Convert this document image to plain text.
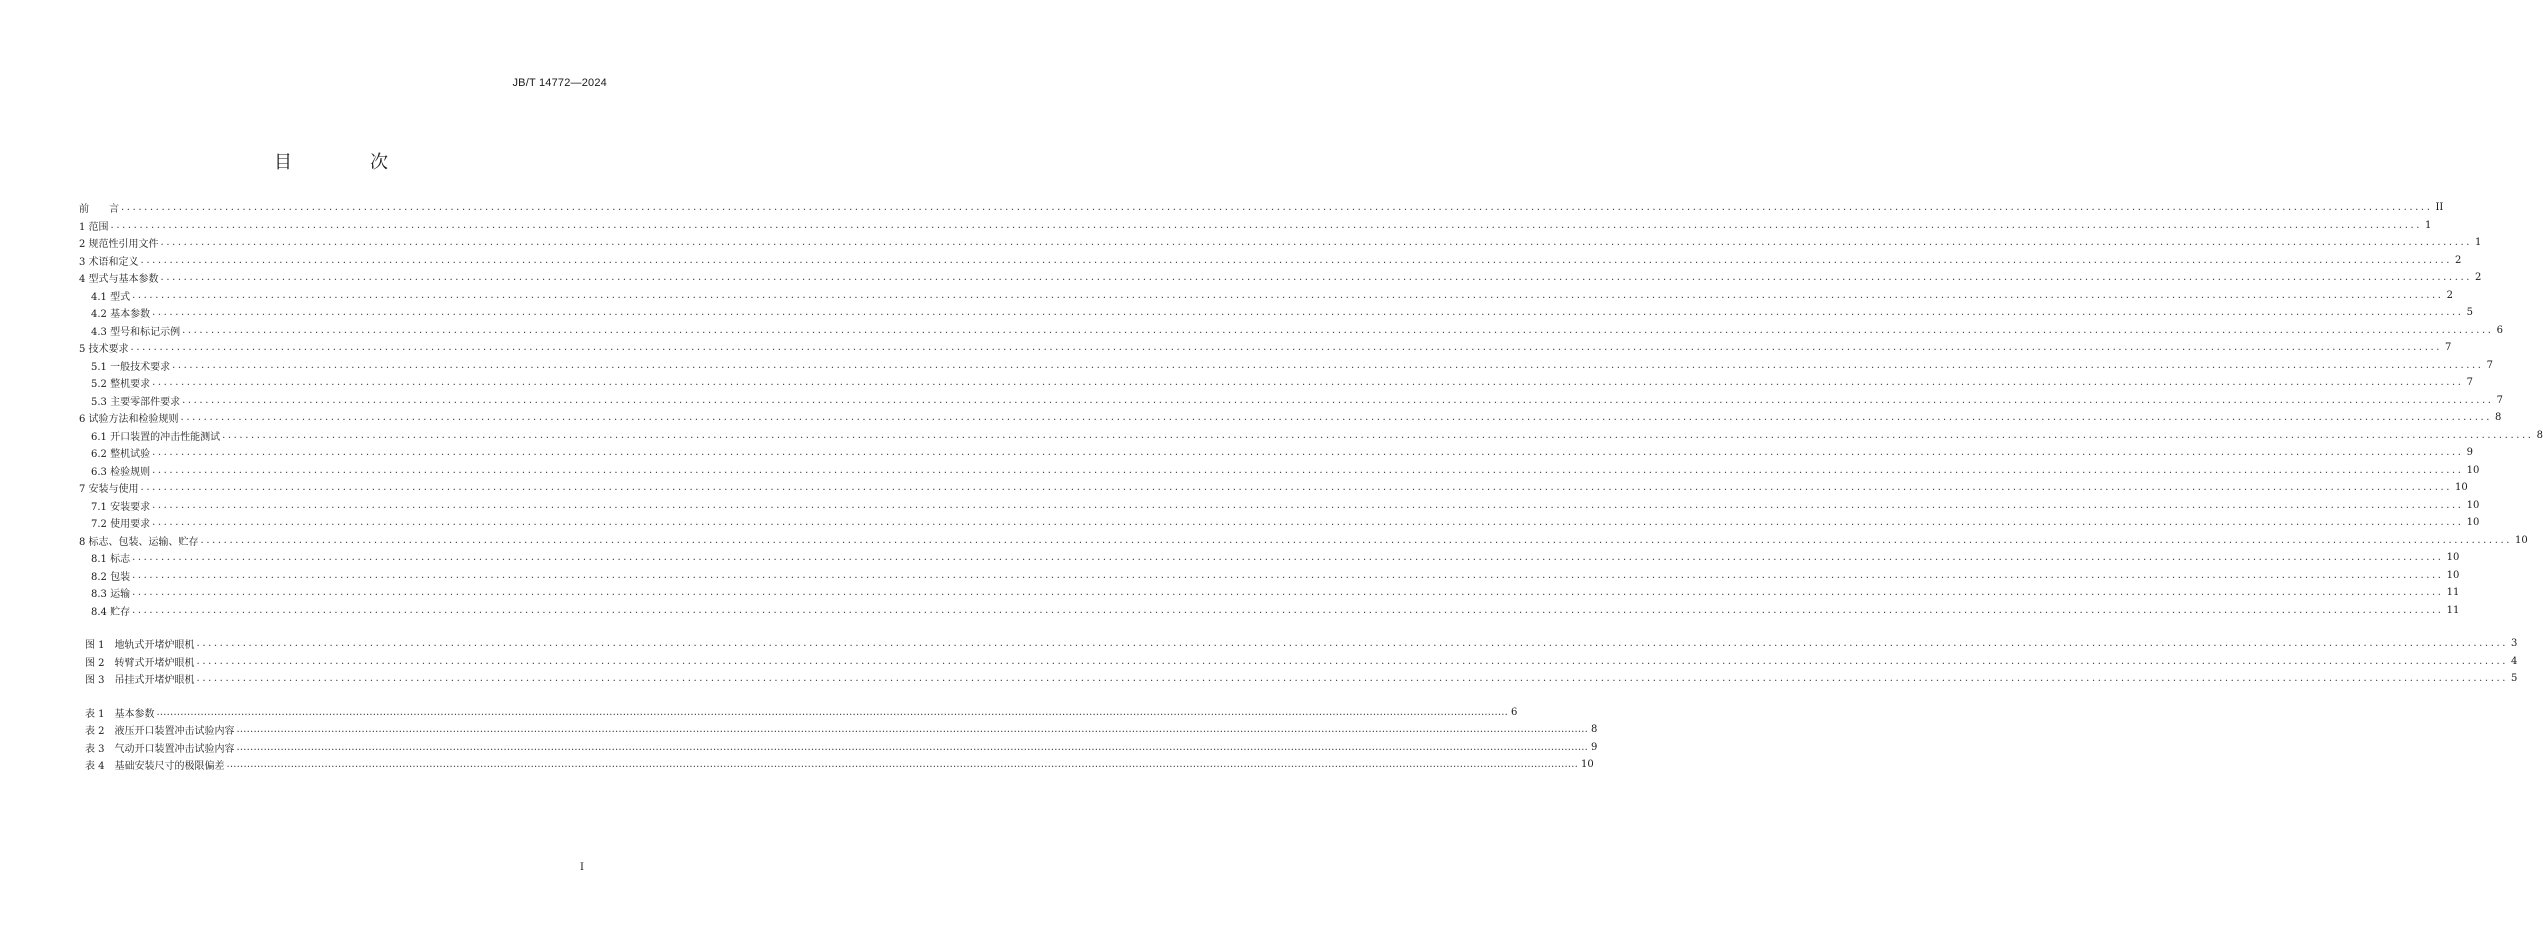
JB/T 14772—2024
目　次
前　　言 ................................................................................................................................................................................................................................................................................................................................................................................................................ II
1 范围 ................................................................................................................................................................................................................................................................................................................................................................................................................ 1
2 规范性引用文件 ................................................................................................................................................................................................................................................................................................................................................................................................................ 1
3 术语和定义 ................................................................................................................................................................................................................................................................................................................................................................................................................ 2
4 型式与基本参数 ................................................................................................................................................................................................................................................................................................................................................................................................................ 2
4.1 型式 ................................................................................................................................................................................................................................................................................................................................................................................................................ 2
4.2 基本参数 ................................................................................................................................................................................................................................................................................................................................................................................................................ 5
4.3 型号和标记示例 ................................................................................................................................................................................................................................................................................................................................................................................................................ 6
5 技术要求 ................................................................................................................................................................................................................................................................................................................................................................................................................ 7
5.1 一般技术要求 ................................................................................................................................................................................................................................................................................................................................................................................................................ 7
5.2 整机要求 ................................................................................................................................................................................................................................................................................................................................................................................................................ 7
5.3 主要零部件要求 ................................................................................................................................................................................................................................................................................................................................................................................................................ 7
6 试验方法和检验规则 ................................................................................................................................................................................................................................................................................................................................................................................................................ 8
6.1 开口装置的冲击性能测试 ................................................................................................................................................................................................................................................................................................................................................................................................................ 8
6.2 整机试验 ................................................................................................................................................................................................................................................................................................................................................................................................................ 9
6.3 检验规则 ................................................................................................................................................................................................................................................................................................................................................................................................................ 10
7 安装与使用 ................................................................................................................................................................................................................................................................................................................................................................................................................ 10
7.1 安装要求 ................................................................................................................................................................................................................................................................................................................................................................................................................ 10
7.2 使用要求 ................................................................................................................................................................................................................................................................................................................................................................................................................ 10
8 标志、包装、运输、贮存 ................................................................................................................................................................................................................................................................................................................................................................................................................ 10
8.1 标志 ................................................................................................................................................................................................................................................................................................................................................................................................................ 10
8.2 包装 ................................................................................................................................................................................................................................................................................................................................................................................................................ 10
8.3 运输 ................................................................................................................................................................................................................................................................................................................................................................................................................ 11
8.4 贮存 ................................................................................................................................................................................................................................................................................................................................................................................................................ 11
图 1　地轨式开堵炉眼机 ................................................................................................................................................................................................................................................................................................................................................................................................................ 3
图 2　转臂式开堵炉眼机 ................................................................................................................................................................................................................................................................................................................................................................................................................ 4
图 3　吊挂式开堵炉眼机 ................................................................................................................................................................................................................................................................................................................................................................................................................ 5
表 1　基本参数 ................................................................................................................................................................................................................................................................................................................................................................................................................ 6
表 2　液压开口装置冲击试验内容 ................................................................................................................................................................................................................................................................................................................................................................................................................ 8
表 3　气动开口装置冲击试验内容 ................................................................................................................................................................................................................................................................................................................................................................................................................ 9
表 4　基础安装尺寸的极限偏差 ................................................................................................................................................................................................................................................................................................................................................................................................................ 10
I
